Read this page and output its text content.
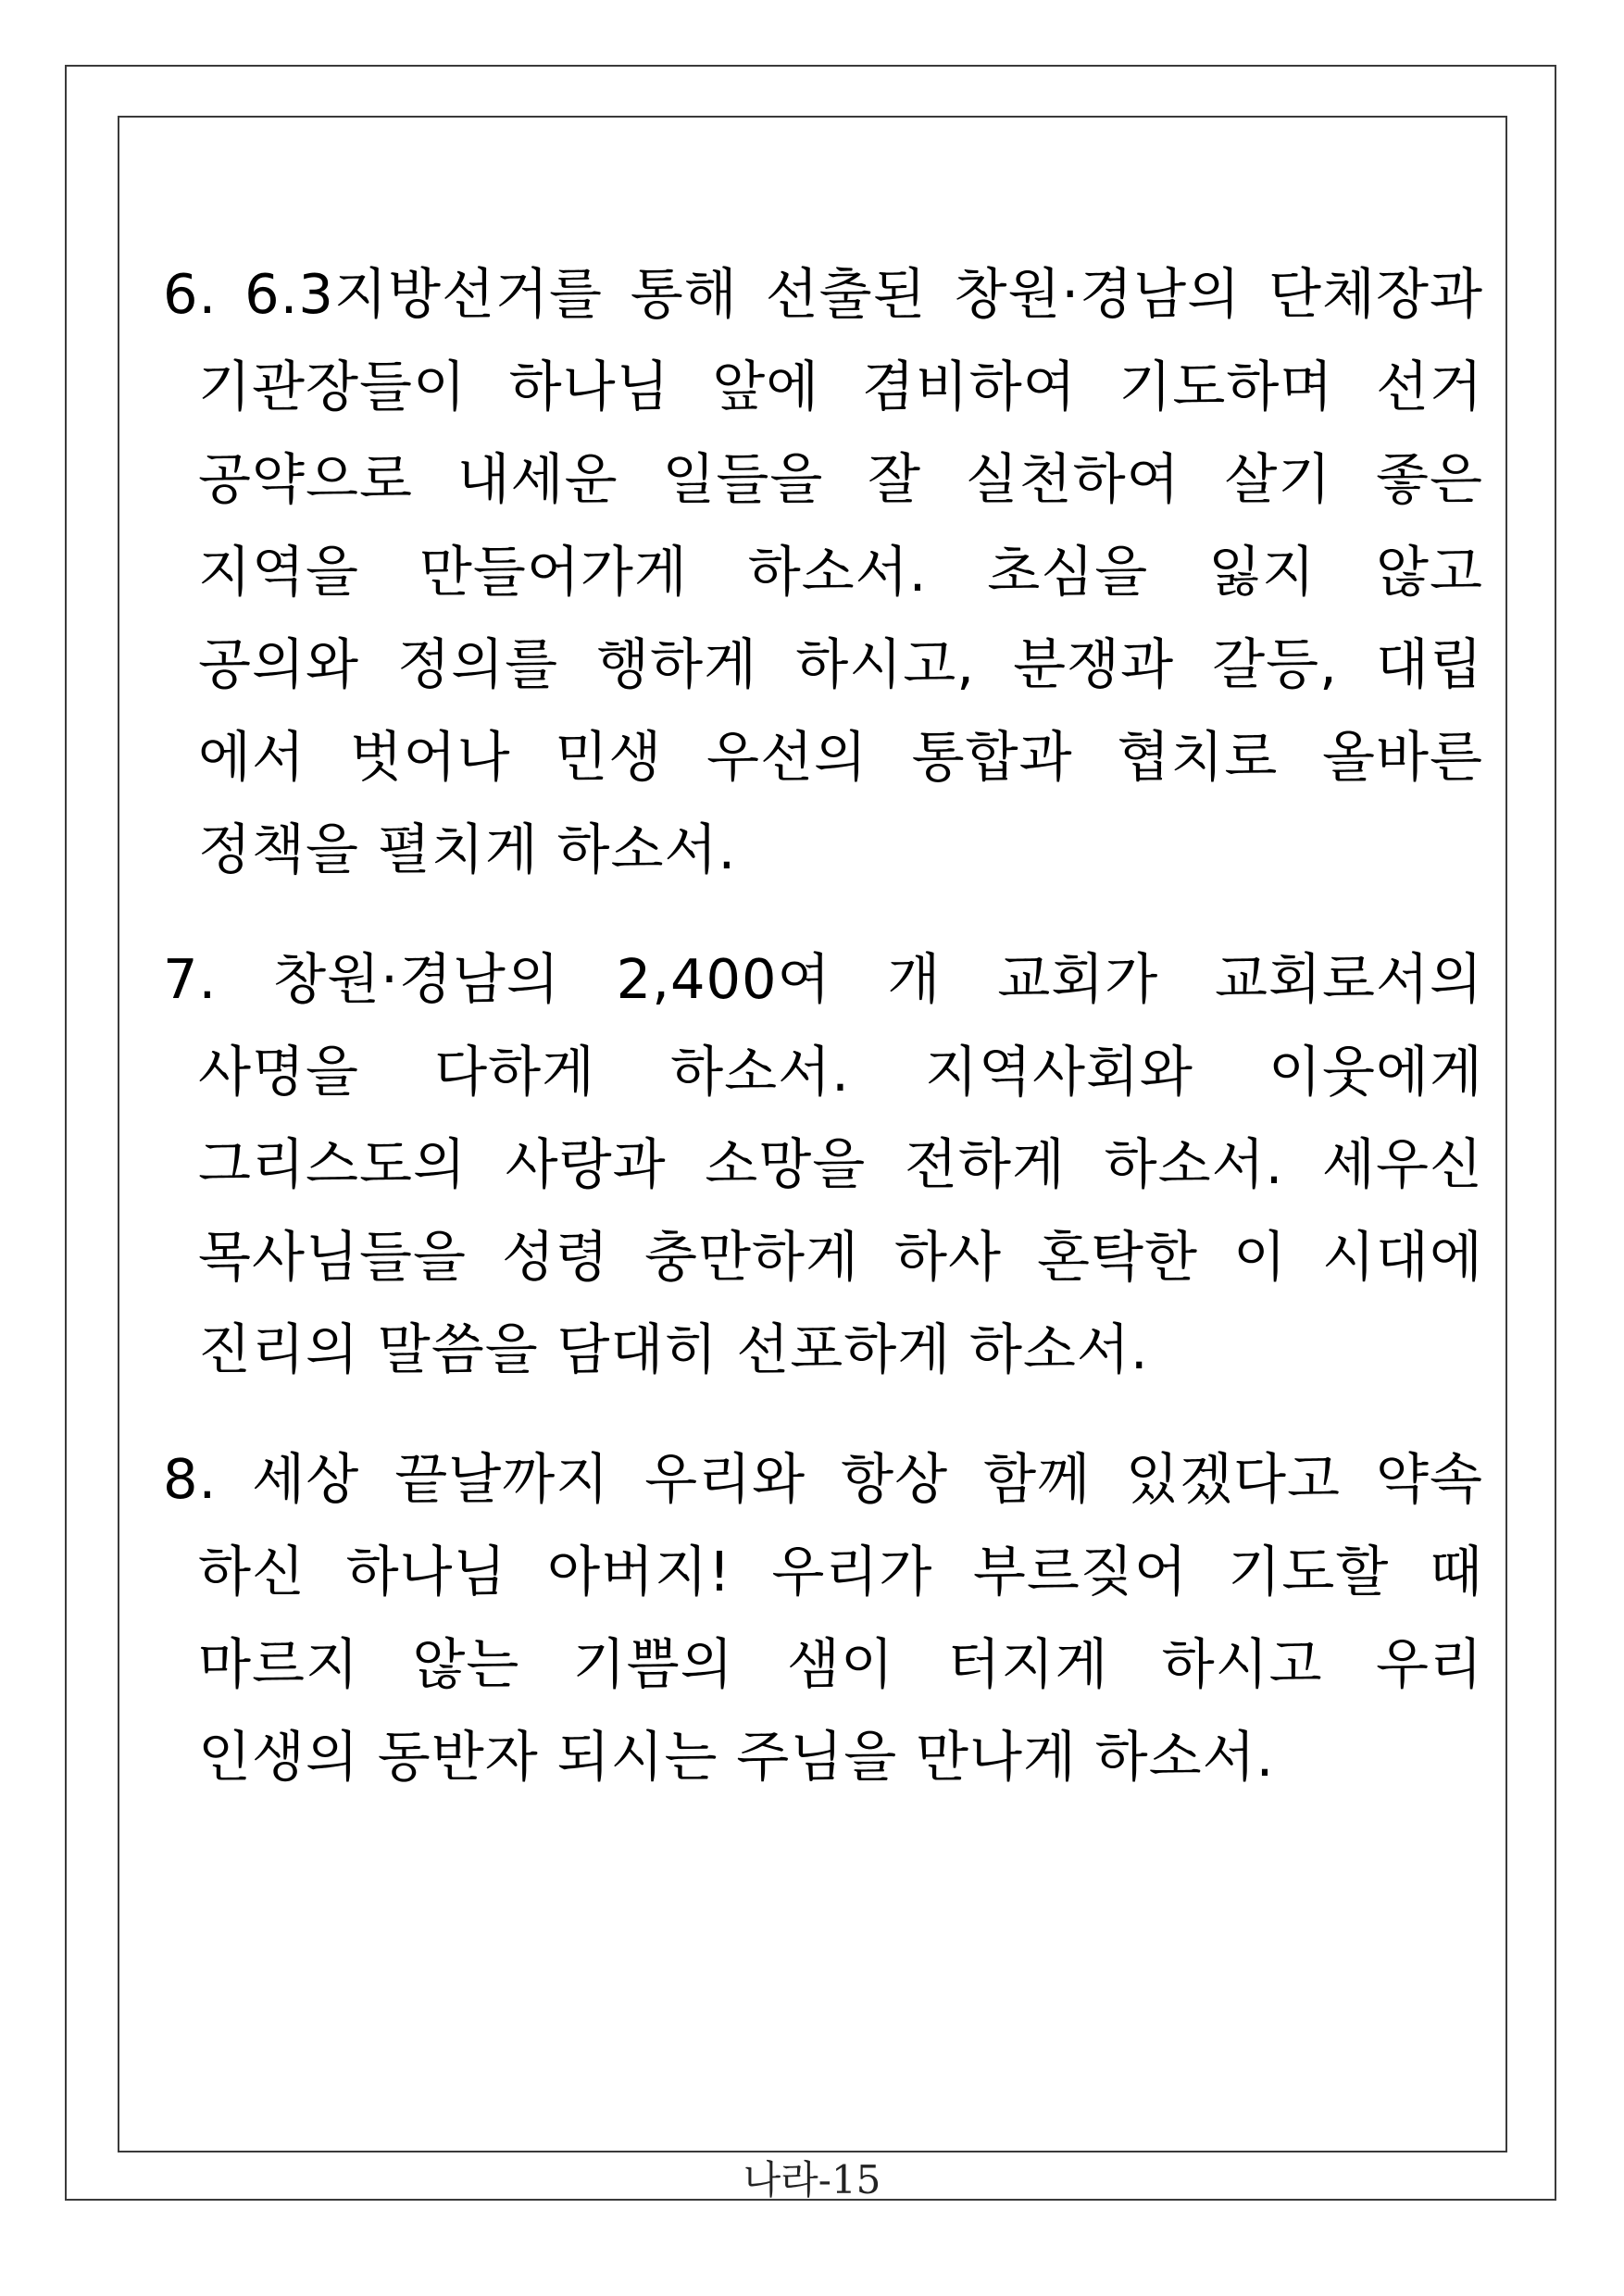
6. 6.3지방선거를 통해 선출된 창원·경남의 단체장과
기관장들이 하나님 앞에 겸비하여 기도하며 선거
공약으로 내세운 일들을 잘 실천하여 살기 좋은
지역을 만들어가게 하소서. 초심을 잃지 않고
공의와 정의를 행하게 하시고, 분쟁과 갈등, 대립
에서 벗어나 민생 우선의 통합과 협치로 올바른
정책을 펼치게 하소서.
7. 창원·경남의 2,400여 개 교회가 교회로서의
사명을 다하게 하소서. 지역사회와 이웃에게
그리스도의 사랑과 소망을 전하게 하소서. 세우신
목사님들을 성령 충만하게 하사 혼탁한 이 시대에
진리의 말씀을 담대히 선포하게 하소서.
8. 세상 끝날까지 우리와 항상 함께 있겠다고 약속
하신 하나님 아버지! 우리가 부르짖어 기도할 때
마르지 않는 기쁨의 샘이 터지게 하시고 우리
인생의 동반자 되시는 주님을 만나게 하소서.
나라-15
